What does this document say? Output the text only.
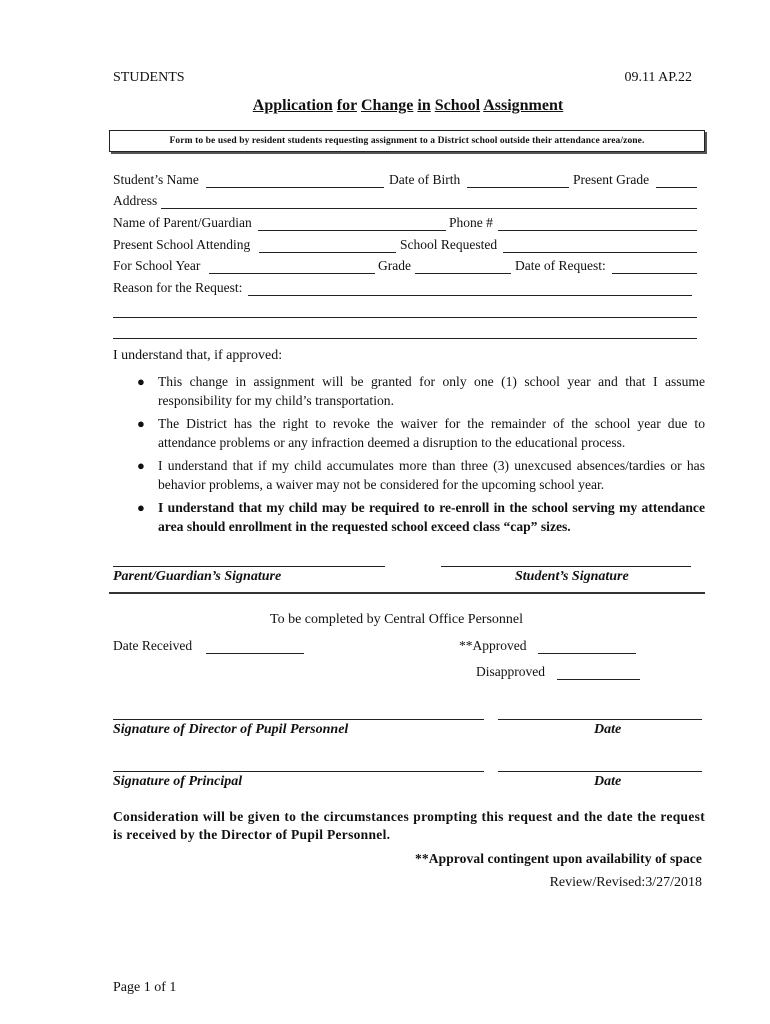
STUDENTS	09.11 AP.22
Application for Change in School Assignment
Form to be used by resident students requesting assignment to a District school outside their attendance area/zone.
Student’s Name	Date of Birth	Present Grade
Address
Name of Parent/Guardian	Phone #
Present School Attending	School Requested
For School Year	Grade	Date of Request:
Reason for the Request:
I understand that, if approved:
● This change in assignment will be granted for only one (1) school year and that I assume responsibility for my child’s transportation.
● The District has the right to revoke the waiver for the remainder of the school year due to attendance problems or any infraction deemed a disruption to the educational process.
● I understand that if my child accumulates more than three (3) unexcused absences/tardies or has behavior problems, a waiver may not be considered for the upcoming school year.
● I understand that my child may be required to re-enroll in the school serving my attendance area should enrollment in the requested school exceed class “cap” sizes.
Parent/Guardian’s Signature	Student’s Signature
To be completed by Central Office Personnel
Date Received	**Approved
Disapproved
Signature of Director of Pupil Personnel	Date
Signature of Principal	Date
Consideration will be given to the circumstances prompting this request and the date the request is received by the Director of Pupil Personnel.
**Approval contingent upon availability of space
Review/Revised:3/27/2018
Page 1 of 1
